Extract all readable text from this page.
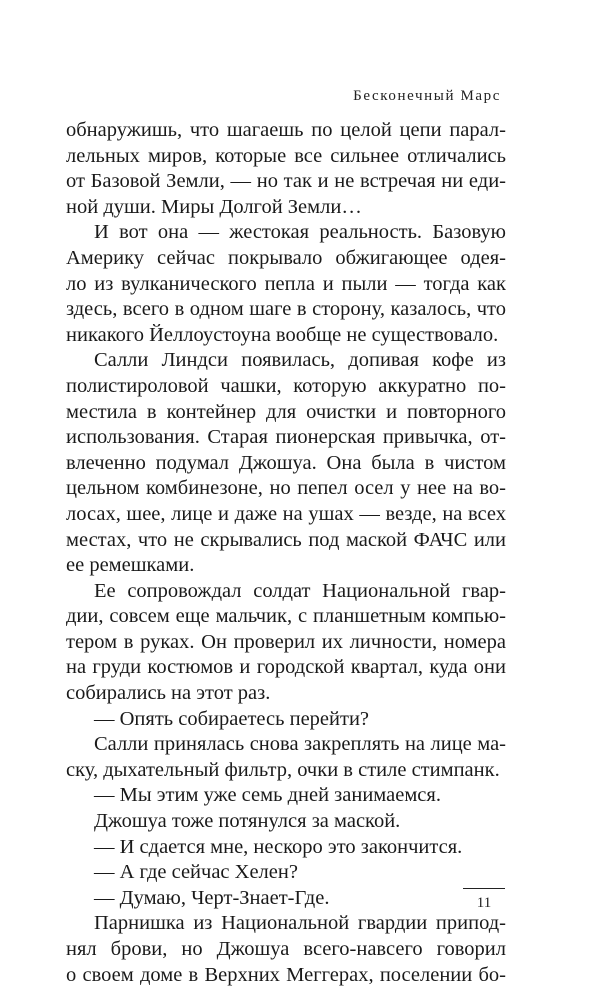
Бесконечный Марс
обнаружишь, что шагаешь по целой цепи парал-
лельных миров, которые все сильнее отличались
от Базовой Земли, — но так и не встречая ни еди-
ной души. Миры Долгой Земли…
И вот она — жестокая реальность. Базовую
Америку сейчас покрывало обжигающее одея-
ло из вулканического пепла и пыли — тогда как
здесь, всего в одном шаге в сторону, казалось, что
никакого Йеллоустоуна вообще не существовало.
Салли Линдси появилась, допивая кофе из
полистироловой чашки, которую аккуратно по-
местила в контейнер для очистки и повторного
использования. Старая пионерская привычка, от-
влеченно подумал Джошуа. Она была в чистом
цельном комбинезоне, но пепел осел у нее на во-
лосах, шее, лице и даже на ушах — везде, на всех
местах, что не скрывались под маской ФАЧС или
ее ремешками.
Ее сопровождал солдат Национальной гвар-
дии, совсем еще мальчик, с планшетным компью-
тером в руках. Он проверил их личности, номера
на груди костюмов и городской квартал, куда они
собирались на этот раз.
— Опять собираетесь перейти?
Салли принялась снова закреплять на лице ма-
ску, дыхательный фильтр, очки в стиле стимпанк.
— Мы этим уже семь дней занимаемся.
Джошуа тоже потянулся за маской.
— И сдается мне, нескоро это закончится.
— А где сейчас Хелен?
— Думаю, Черт-Знает-Где.
Парнишка из Национальной гвардии припод-
нял брови, но Джошуа всего-навсего говорил
о своем доме в Верхних Меггерах, поселении бо-
11
